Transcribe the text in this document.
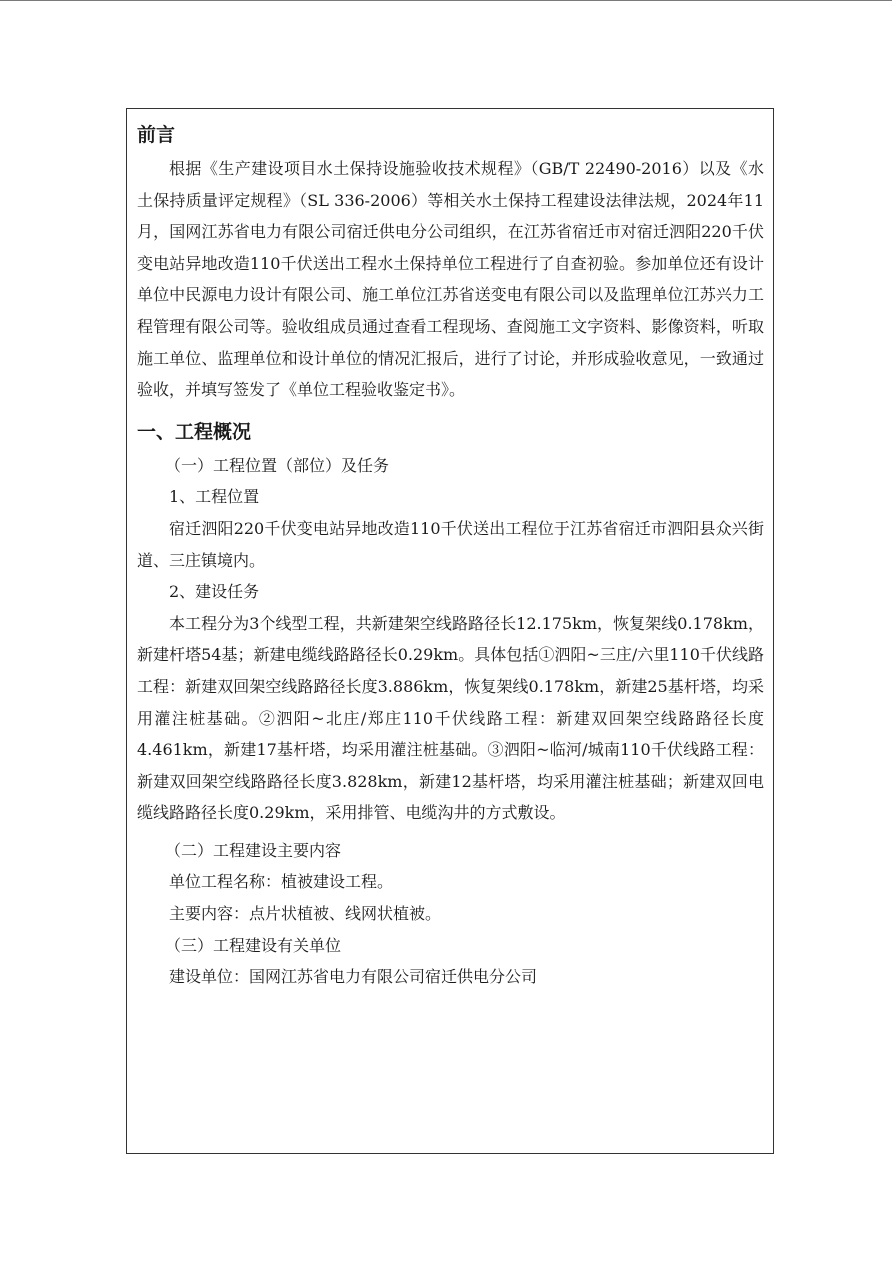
前言

根据《生产建设项目水土保持设施验收技术规程》（GB/T 22490-2016）以及《水土保持质量评定规程》（SL 336-2006）等相关水土保持工程建设法律法规，2024年11月，国网江苏省电力有限公司宿迁供电分公司组织，在江苏省宿迁市对宿迁泗阳220千伏变电站异地改造110千伏送出工程水土保持单位工程进行了自查初验。参加单位还有设计单位中民源电力设计有限公司、施工单位江苏省送变电有限公司以及监理单位江苏兴力工程管理有限公司等。验收组成员通过查看工程现场、查阅施工文字资料、影像资料，听取施工单位、监理单位和设计单位的情况汇报后，进行了讨论，并形成验收意见，一致通过验收，并填写签发了《单位工程验收鉴定书》。

一、工程概况
（一）工程位置（部位）及任务
1、工程位置

宿迁泗阳220千伏变电站异地改造110千伏送出工程位于江苏省宿迁市泗阳县众兴街道、三庄镇境内。

2、建设任务

本工程分为3个线型工程，共新建架空线路路径长12.175km，恢复架线0.178km，新建杆塔54基；新建电缆线路路径长0.29km。具体包括①泗阳~三庄/六里110千伏线路工程：新建双回架空线路路径长度3.886km，恢复架线0.178km，新建25基杆塔，均采用灌注桩基础。②泗阳~北庄/郑庄110千伏线路工程：新建双回架空线路路径长度4.461km，新建17基杆塔，均采用灌注桩基础。③泗阳~临河/城南110千伏线路工程：新建双回架空线路路径长度3.828km，新建12基杆塔，均采用灌注桩基础；新建双回电缆线路路径长度0.29km，采用排管、电缆沟井的方式敷设。

（二）工程建设主要内容
单位工程名称：植被建设工程。
主要内容：点片状植被、线网状植被。
（三）工程建设有关单位
建设单位：国网江苏省电力有限公司宿迁供电分公司
